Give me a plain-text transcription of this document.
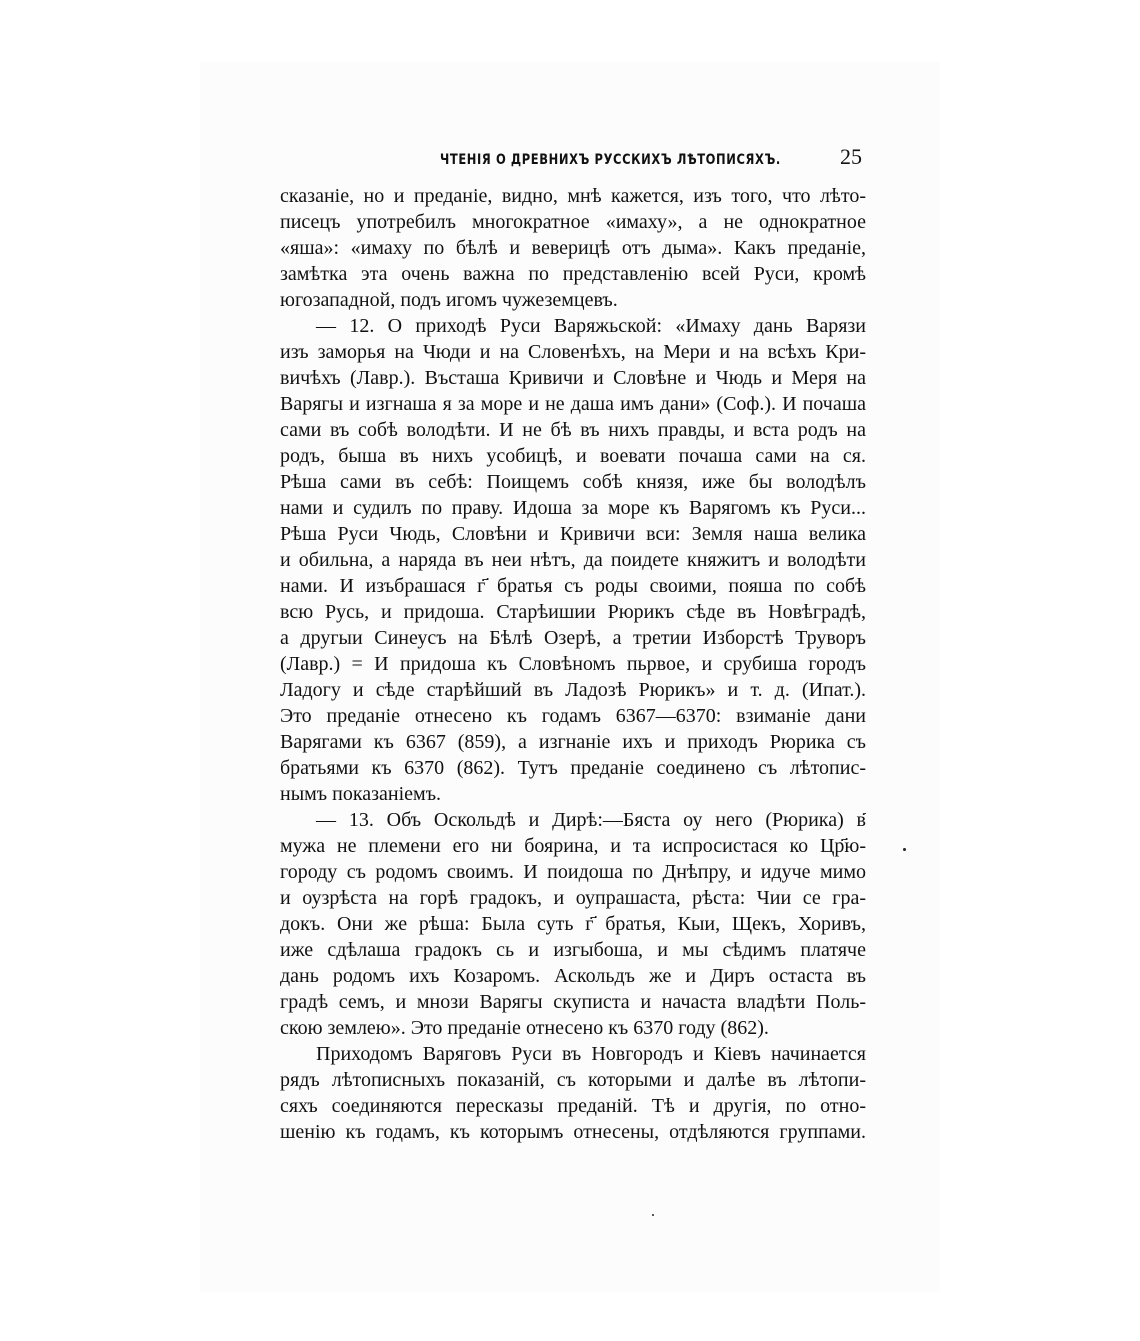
ЧТЕНІЯ О ДРЕВНИХЪ РУССКИХЪ ЛѢТОПИСЯХЪ.	25
сказаніе, но и преданіе, видно, мнѣ кажется, изъ того, что лѣто-
писецъ употребилъ многократное «имаху», а не однократное
«яша»: «имаху по бѣлѣ и веверицѣ отъ дыма». Какъ преданіе,
замѣтка эта очень важна по представленію всей Руси, кромѣ
югозападной, подъ игомъ чужеземцевъ.
— 12. О приходѣ Руси Варяжьской: «Имаху дань Варязи
изъ заморья на Чюди и на Словенѣхъ, на Мери и на всѣхъ Кри-
вичѣхъ (Лавр.). Въсташа Кривичи и Словѣне и Чюдь и Меря на
Варягы и изгнаша я за море и не даша имъ дани» (Соф.). И почаша
сами въ собѣ володѣти. И не бѣ въ нихъ правды, и вста родъ на
родъ, быша въ нихъ усобицѣ, и воевати почаша сами на ся.
Рѣша сами въ себѣ: Поищемъ собѣ князя, иже бы володѣлъ
нами и судилъ по праву. Идоша за море къ Варягомъ къ Руси...
Рѣша Руси Чюдь, Словѣни и Кривичи вси: Земля наша велика
и обильна, а наряда въ неи нѣтъ, да поидете княжитъ и володѣти
нами. И изъбрашася г҃ братья съ роды своими, пояша по собѣ
всю Русь, и придоша. Старѣишии Рюрикъ сѣде въ Новѣградѣ,
а другыи Синеусъ на Бѣлѣ Озерѣ, а третии Изборстѣ Труворъ
(Лавр.) = И придоша къ Словѣномъ пьрвое, и срубиша городъ
Ладогу и сѣде старѣйший въ Ладозѣ Рюрикъ» и т. д. (Ипат.).
Это преданіе отнесено къ годамъ 6367—6370: взиманіе дани
Варягами къ 6367 (859), а изгнаніе ихъ и приходъ Рюрика съ
братьями къ 6370 (862). Тутъ преданіе соединено съ лѣтопис-
нымъ показаніемъ.
— 13. Объ Оскольдѣ и Дирѣ:—Бяста оу него (Рюрика) в҃
мужа не племени его ни боярина, и та испросистася ко Цр҃ю-
городу съ родомъ своимъ. И поидоша по Днѣпру, и идуче мимо
и оузрѣста на горѣ градокъ, и оупрашаста, рѣста: Чии се гра-
докъ. Они же рѣша: Была суть г҃ братья, Кыи, Щекъ, Хоривъ,
иже сдѣлаша градокъ сь и изгыбоша, и мы сѣдимъ платяче
дань родомъ ихъ Козаромъ. Аскольдъ же и Диръ остаста въ
градѣ семъ, и мнози Варягы скуписта и начаста владѣти Поль-
скою землею». Это преданіе отнесено къ 6370 году (862).
Приходомъ Варяговъ Руси въ Новгородъ и Кіевъ начинается
рядъ лѣтописныхъ показаній, съ которыми и далѣе въ лѣтопи-
сяхъ соединяются пересказы преданій. Тѣ и другія, по отно-
шенію къ годамъ, къ которымъ отнесены, отдѣляются группами.
